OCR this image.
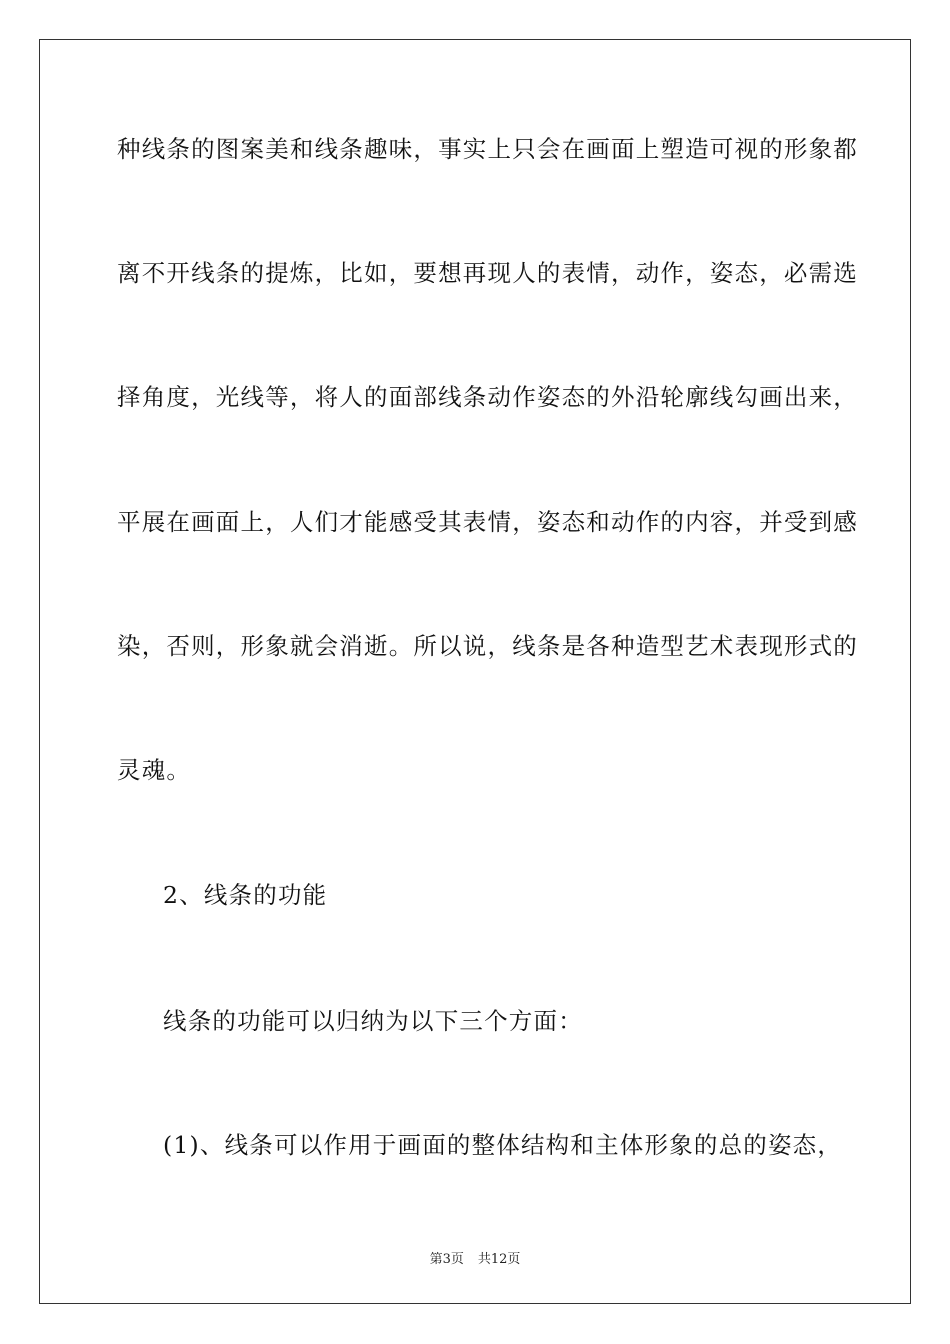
种线条的图案美和线条趣味，事实上只会在画面上塑造可视的形象都
离不开线条的提炼，比如，要想再现人的表情，动作，姿态，必需选
择角度，光线等，将人的面部线条动作姿态的外沿轮廓线勾画出来，
平展在画面上，人们才能感受其表情，姿态和动作的内容，并受到感
染，否则，形象就会消逝。所以说，线条是各种造型艺术表现形式的
灵魂。
2、线条的功能
线条的功能可以归纳为以下三个方面：
(1)、线条可以作用于画面的整体结构和主体形象的总的姿态，
第3页 共12页
